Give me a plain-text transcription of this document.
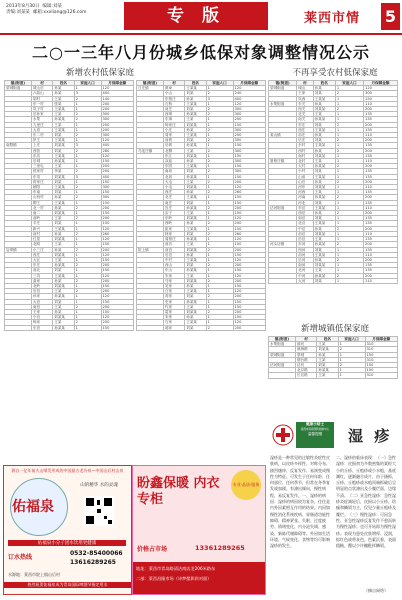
2013年8月30日 编辑:刘某
责编:刘某某 邮箱:xxxliang@126.com	专 版	莱西市情 5
二○一三年八月份城乡低保对象调整情况公示
新增农村低保家庭	不再享受农村低保家庭
新增城镇低保家庭
镇(街道)	村	姓名	家庭人口	月保障金额
望城街道	城山后	孙某	1	120
	六曲山	孙某	3	400
	胡村	王某	2	140
	东一村	张某	1	200
	岚子村	王某某	1	200
	后孙家	王某	2	300
	水集	孙某某	2	300
	九里庄	王某	1	200
	大嵩	王某某	1	200
	东二村	刘某	2	300
	伊王	王某某	1	120
南墅镇	上庄	刘某某	3	400
	西营	刘某	2	280
	东店	王某某	1	120
	后城	孙某某	1	150
	三里屯	王某	1	200
	侯家村	李某	2	200
	东岚	刘某某	3	400
	蒋家庄	刘某	1	150
	朝阳	王某某	2	300
	东南	刘某	1	150
	山西村	孙某	2	300
	柳王	王某某	1	150
	北一村	孙某	2	200
	南二	刘某某	1	150
	前岭	王某	2	200
	辛庄	刘某	1	150
	新兴	王某某	1	120
	前村	孙某	2	260
	红星	刘某某	1	120
	北路	王某	1	150
店埠镇	小三庄	孙某	2	200
	西庄	刘某某	1	120
	大瓦	王某	1	150
	东庄	孙某某	2	200
	前北	刘某	1	150
	三沟	王某某	1	120
	曲家	孙某	2	200
	北岭	刘某某	1	150
	后泊	王某	2	200
	孙家	孙某某	1	120
	大泊	刘某	1	150
	南泊	王某	2	200
	王家	孙某	1	150
	小官	刘某某	1	120
	杨家	王某	2	200
	东泊	孙某某	1	150
镇(街道)	村	姓名	家庭人口	月保障金额
日庄镇	黄垛	王某某	1	120
	小山	刘某	2	240
	东格庄	孙某	3	400
	石桥	王某某	1	120
	前庄	刘某	2	300
	西荆	孙某某	2	300
	东荆	王某	1	200
	杨家庄	刘某某	1	150
	小庄	孙某	2	300
	周家	王某某	1	200
	前坡	刘某	2	300
	后坡	孙某某	1	150
马连庄镇	北柳	王某	2	300
	东江	刘某某	1	150
	双庙	孙某	2	300
	东园	王某某	1	150
	南坦	刘某	2	300
	北坦	孙某某	1	150
	大屯	王某	2	200
	小屯	刘某某	1	120
	西庄	孙某	2	260
	北庄	王某某	1	150
	南庄	刘某	1	150
	官庄	孙某某	2	200
	店子	王某	1	150
	东岭	刘某某	1	120
	西岭	孙某	2	200
	崔家	王某某	1	150
	林家	刘某	2	260
	周格庄	孙某某	1	120
	前店	王某	1	150
院上镇	前泊	刘某某	2	200
	后泊	孙某	1	150
	中村	王某某	1	120
	西山	刘某	2	200
	东山	孙某某	1	150
	朱家	王某	1	120
	马家	刘某某	2	200
	吴家	孙某	1	150
	白家	王某某	1	120
	高家	刘某	2	200
	史家	孙某某	1	150
	代家	王某	1	150
	葛家	刘某某	2	200
	宋家	孙某	1	150
	石家	王某某	1	120
	郝家	刘某	2	200
镇(街道)	村	姓名	家庭人口	月保障金额
望城街道	城山	孙某	1	120
	王家	刘某	2	300
	岚西	王某某	1	150
水集街道	东关	孙某	1	110
	西关	刘某某	2	200
	北关	王某	1	135
	南关	孙某某	1	135
	东庄	刘某	2	200
	西庄	王某某	1	135
姜山镇	前庄	孙某	1	110
	后庄	刘某	2	200
	东村	王某某	1	135
	西村	孙某	2	200
	南村	刘某某	1	135
夏格庄镇	北村	王某	1	110
	大村	孙某某	2	200
	小村	刘某	1	135
	山前	王某某	1	135
	山后	孙某	2	200
	河东	刘某某	1	110
	河西	王某	1	135
	河南	孙某某	2	200
	河北	刘某	1	135
沽河街道	东沽	王某某	1	110
	西沽	孙某	2	200
	南沽	刘某	1	135
	北沽	王某某	1	135
	中沽	孙某	2	200
	前沽	刘某某	1	110
	后沽	王某	1	135
河头店镇	东河	孙某某	2	200
	西河	刘某	1	135
	前河	王某某	1	110
	后河	孙某	2	200
	南河	刘某某	1	135
	北河	王某	1	135
	中河	孙某某	2	200
	大河	刘某	1	110
镇(街道)	村	姓名	家庭人口	月保障金额
水集街道	滨河	王某	1	310
	威海路	刘某某	2	310
望城街道	望城	孙某	1	150
	烟台路	王某	1	310
沽河街道	沽河	刘某	2	150
	北京路	孙某某	1	150
	长岛路	王某	1	310
健康小贴士
莱西市疾病预防控制中心
温馨提醒	湿 疹
湿疹是一种常见的过敏性炎症性皮肤病，以皮疹多样性、对称分布、剧烈瘙痒、反复发作、易演变成慢性为特征。可发生于任何年龄、任何部位、任何季节，但常在冬季复发或加剧。有渗出倾向，慢性病程，易反复发作。一、湿疹的病因：湿疹的病因较为复杂，往往是内外因素相互作用的结果。内因如慢性消化系统疾病、胃肠道功能性障碍、精神紧张、失眠、过度疲劳、情绪变化、内分泌失调、感染、新陈代谢障碍等。外因如生活环境、气候变化、食物等均可影响湿疹的发生。
二、湿疹的临床表现：（一）急性湿疹：皮损初为多数密集的粟粒大小的丘疹、丘疱疹或小水疱，基底潮红，逐渐融合成片，由于搔抓，丘疹、丘疱疹或水疱顶端抓破后呈明显的点状渗出及小糜烂面，边缘不清。（二）亚急性湿疹：急性湿疹炎症减轻后，皮损以小丘疹、结痂和鳞屑为主，仅见少量丘疱疹及糜烂。（三）慢性湿疹：可因急性、亚急性湿疹反复发作不愈而转为慢性湿疹；也可开始即为慢性湿疹。表现为患处皮肤增厚、浸润，棕红色或带灰色，色素沉着，表面粗糙，覆以少许糠秕样鳞屑。
（摘自网络）
源自一亿年前火山喷发形成的中国最古老冷泉—中国山后村山泉
佑福泉
山的精华 水的灵魂
佑福泉小分子团水饮用更健康
订水热线
0532-85400066
13616289265
水源地：莱西市院上镇山后村
热烈祝贺佑福泉成为青岛国际啤酒节指定用水
盼鑫保暖 内衣专柜
专业·品质·服务
价格占市场	13361289265
地址：莱西市青岛路清洁商店北206米路东
二部：莱西昌隆市场（诗梦摆影斜对面）
